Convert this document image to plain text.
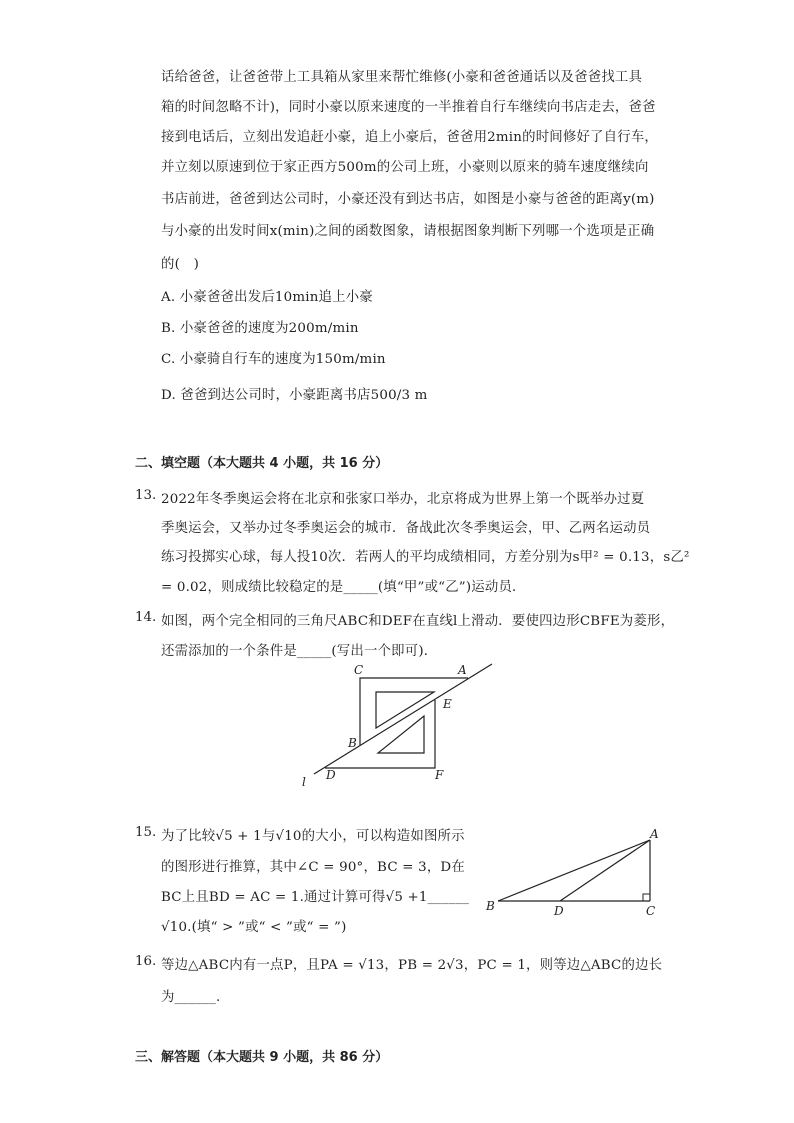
话给爸爸，让爸爸带上工具箱从家里来帮忙维修(小豪和爸爸通话以及爸爸找工具
箱的时间忽略不计)，同时小豪以原来速度的一半推着自行车继续向书店走去，爸爸
接到电话后，立刻出发追赶小豪，追上小豪后，爸爸用2min的时间修好了自行车，
并立刻以原速到位于家正西方500m的公司上班，小豪则以原来的骑车速度继续向
书店前进，爸爸到达公司时，小豪还没有到达书店，如图是小豪与爸爸的距离y(m)
与小豪的出发时间x(min)之间的函数图象，请根据图象判断下列哪一个选项是正确
的(　)
A. 小豪爸爸出发后10min追上小豪
B. 小豪爸爸的速度为200m/min
C. 小豪骑自行车的速度为150m/min
D. 爸爸到达公司时，小豪距离书店500/3 m
二、填空题（本大题共 4 小题，共 16 分）
13. 2022年冬季奥运会将在北京和张家口举办，北京将成为世界上第一个既举办过夏
季奥运会，又举办过冬季奥运会的城市．备战此次冬季奥运会，甲、乙两名运动员
练习投掷实心球，每人投10次．若两人的平均成绩相同，方差分别为s甲² = 0.13，s乙²
= 0.02，则成绩比较稳定的是_____(填“甲”或“乙”)运动员．
14. 如图，两个完全相同的三角尺ABC和DEF在直线l上滑动．要使四边形CBFE为菱形，
还需添加的一个条件是_____(写出一个即可)．
C	A
E
B
D	F
l
15. 为了比较√5 + 1与√10的大小，可以构造如图所示
的图形进行推算，其中∠C = 90°，BC = 3，D在
BC上且BD = AC = 1.通过计算可得√5 +1______
√10.(填“ > ”或“ < ”或“ = ”)
A
B	D	C
16. 等边△ABC内有一点P，且PA = √13，PB = 2√3，PC = 1，则等边△ABC的边长
为______.
三、解答题（本大题共 9 小题，共 86 分）
